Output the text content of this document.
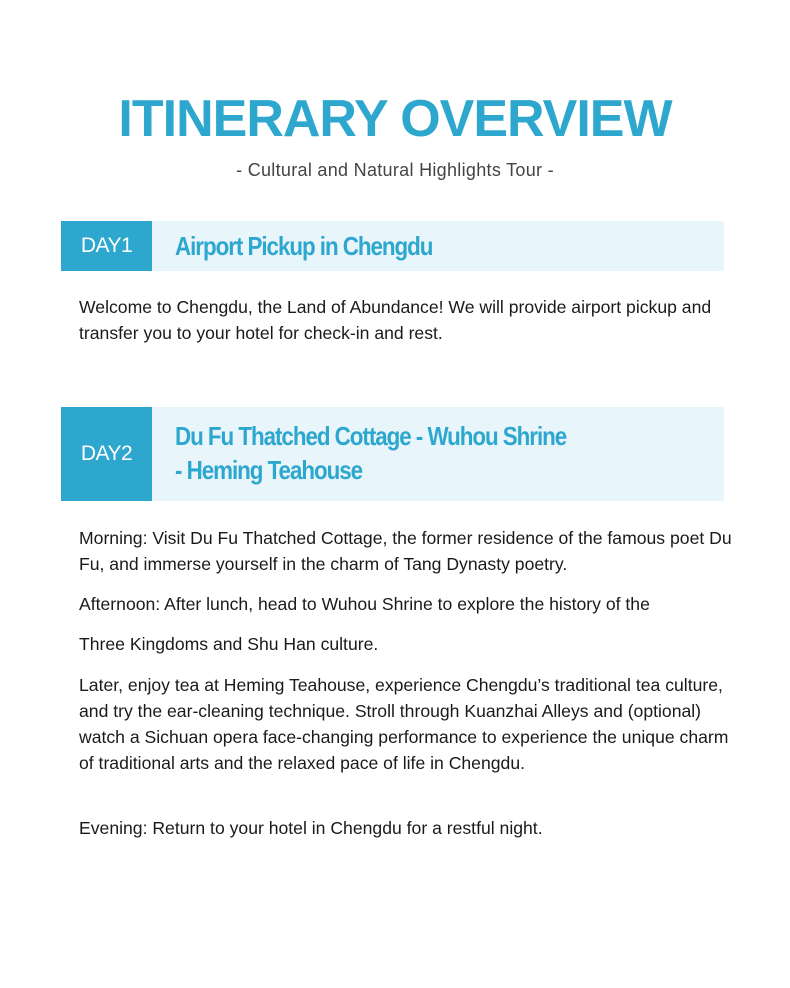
ITINERARY OVERVIEW
- Cultural and Natural Highlights Tour -
DAY1	Airport Pickup in Chengdu

Welcome to Chengdu, the Land of Abundance! We will provide airport pickup and transfer you to your hotel for check-in and rest.

DAY2
Du Fu Thatched Cottage - Wuhou Shrine
- Heming Teahouse

Morning: Visit Du Fu Thatched Cottage, the former residence of the famous poet Du Fu, and immerse yourself in the charm of Tang Dynasty poetry.

Afternoon: After lunch, head to Wuhou Shrine to explore the history of the

Three Kingdoms and Shu Han culture.

Later, enjoy tea at Heming Teahouse, experience Chengdu’s traditional tea culture, and try the ear-cleaning technique. Stroll through Kuanzhai Alleys and (optional) watch a Sichuan opera face-changing performance to experience the unique charm of traditional arts and the relaxed pace of life in Chengdu.

Evening: Return to your hotel in Chengdu for a restful night.
